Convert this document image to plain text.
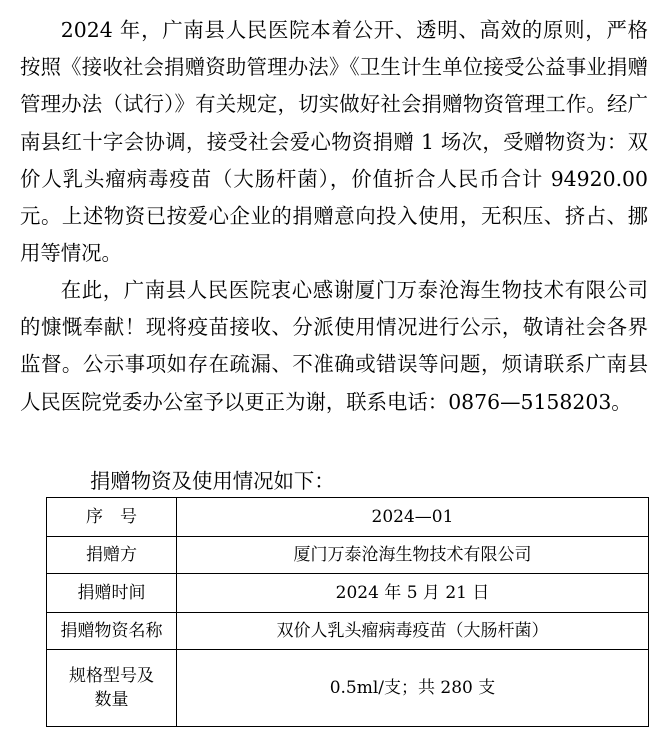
2024 年，广南县人民医院本着公开、透明、高效的原则，严格按照《接收社会捐赠资助管理办法》《卫生计生单位接受公益事业捐赠管理办法（试行）》有关规定，切实做好社会捐赠物资管理工作。经广南县红十字会协调，接受社会爱心物资捐赠 1 场次，受赠物资为：双价人乳头瘤病毒疫苗（大肠杆菌），价值折合人民币合计 94920.00 元。上述物资已按爱心企业的捐赠意向投入使用，无积压、挤占、挪用等情况。

在此，广南县人民医院衷心感谢厦门万泰沧海生物技术有限公司的慷慨奉献！现将疫苗接收、分派使用情况进行公示，敬请社会各界监督。公示事项如存在疏漏、不准确或错误等问题，烦请联系广南县人民医院党委办公室予以更正为谢，联系电话：0876—5158203。

捐赠物资及使用情况如下：

序　号	2024—01
捐赠方	厦门万泰沧海生物技术有限公司
捐赠时间	2024 年 5 月 21 日
捐赠物资名称	双价人乳头瘤病毒疫苗（大肠杆菌）

规格型号及
数量	0.5ml/支；共 280 支
